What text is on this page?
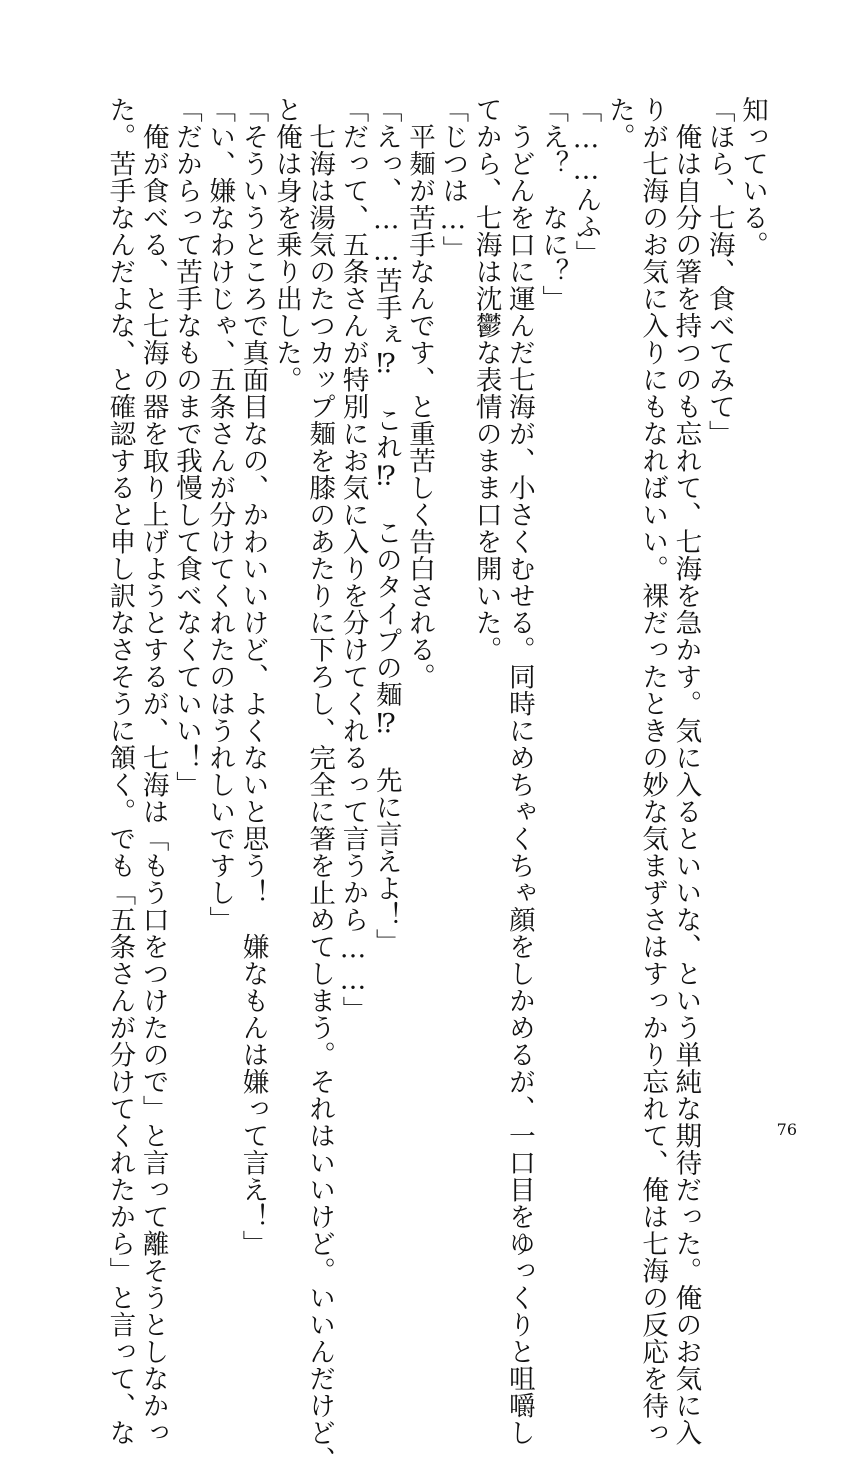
知っている。
「ほら、七海、食べてみて」
　俺は自分の箸を持つのも忘れて、七海を急かす。気に入るといいな、という単純な期待だった。俺のお気に入
りが七海のお気に入りにもなればいい。裸だったときの妙な気まずさはすっかり忘れて、俺は七海の反応を待っ
た。
「……んふ」
「え？　なに？」
　うどんを口に運んだ七海が、小さくむせる。同時にめちゃくちゃ顔をしかめるが、一口目をゆっくりと咀嚼し
てから、七海は沈鬱な表情のまま口を開いた。
「じつは…」
　平麺が苦手なんです、と重苦しく告白される。
「えっ、……苦手ぇ⁉　これ⁉　このタイプの麺⁉　先に言えよ！」
「だって、五条さんが特別にお気に入りを分けてくれるって言うから……」
　七海は湯気のたつカップ麺を膝のあたりに下ろし、完全に箸を止めてしまう。それはいいけど。いいんだけど、
と俺は身を乗り出した。
「そういうところで真面目なの、かわいいけど、よくないと思う！　嫌なもんは嫌って言え！」
「い、嫌なわけじゃ、五条さんが分けてくれたのはうれしいですし」
「だからって苦手なものまで我慢して食べなくていい！」
　俺が食べる、と七海の器を取り上げようとするが、七海は「もう口をつけたので」と言って離そうとしなかっ
た。苦手なんだよな、と確認すると申し訳なさそうに頷く。でも「五条さんが分けてくれたから」と言って、な	76
